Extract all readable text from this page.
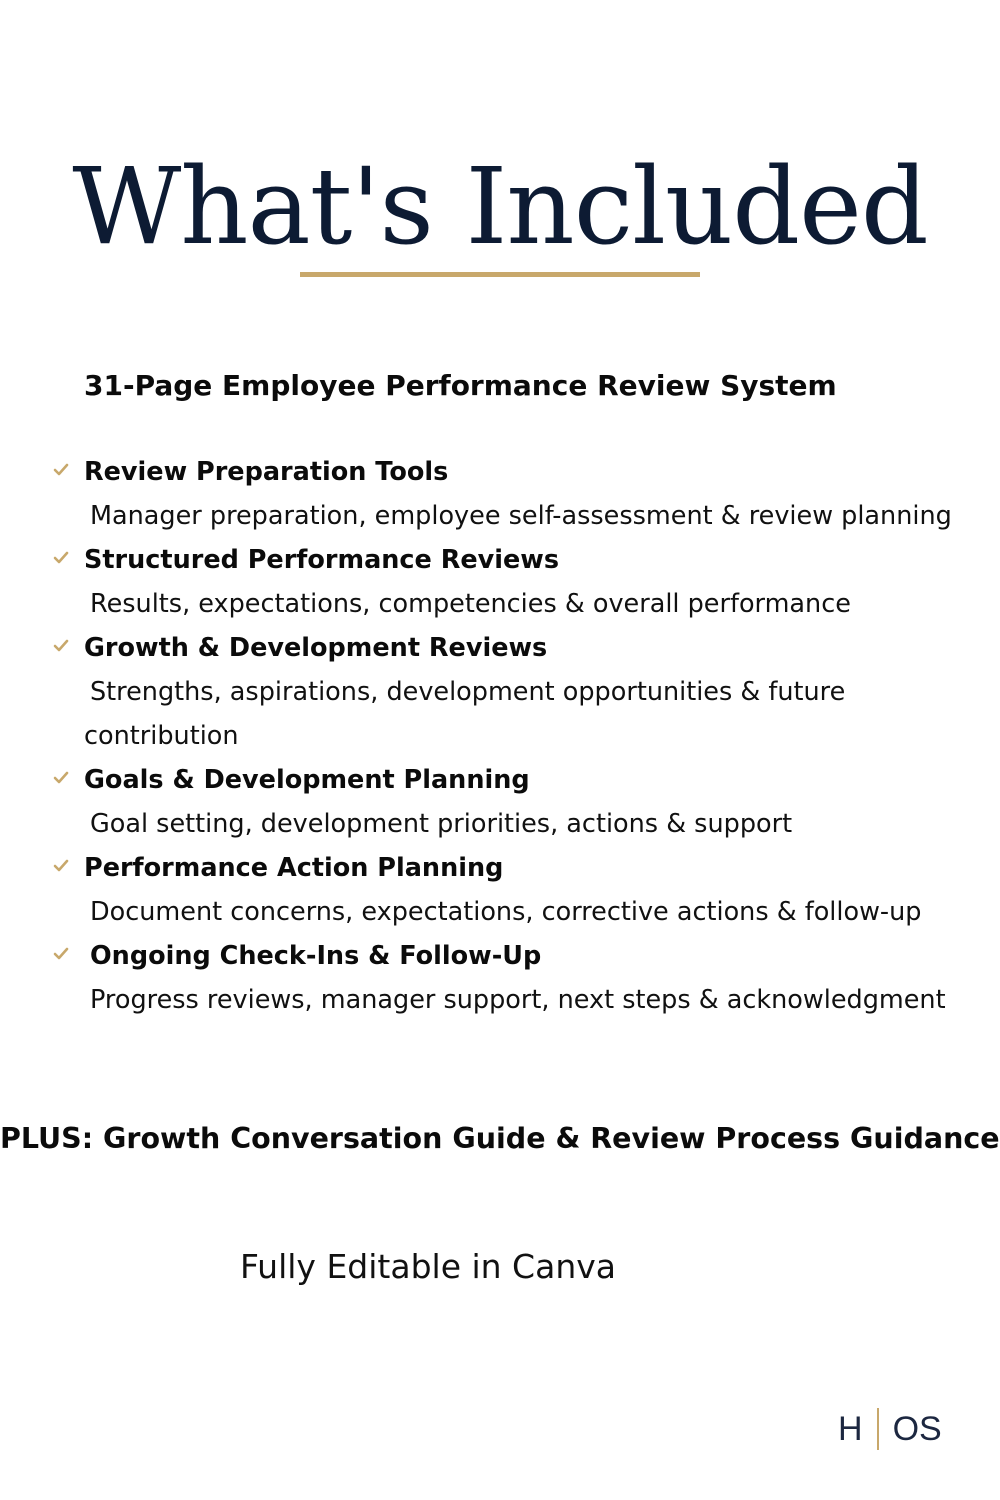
What's Included
31-Page Employee Performance Review System
Review Preparation Tools
Manager preparation, employee self-assessment & review planning
Structured Performance Reviews
Results, expectations, competencies & overall performance
Growth & Development Reviews
Strengths, aspirations, development opportunities & future contribution
Goals & Development Planning
Goal setting, development priorities, actions & support
Performance Action Planning
Document concerns, expectations, corrective actions & follow-up
Ongoing Check-Ins & Follow-Up
Progress reviews, manager support, next steps & acknowledgment
PLUS: Growth Conversation Guide & Review Process Guidance
Fully Editable in Canva
H OS
